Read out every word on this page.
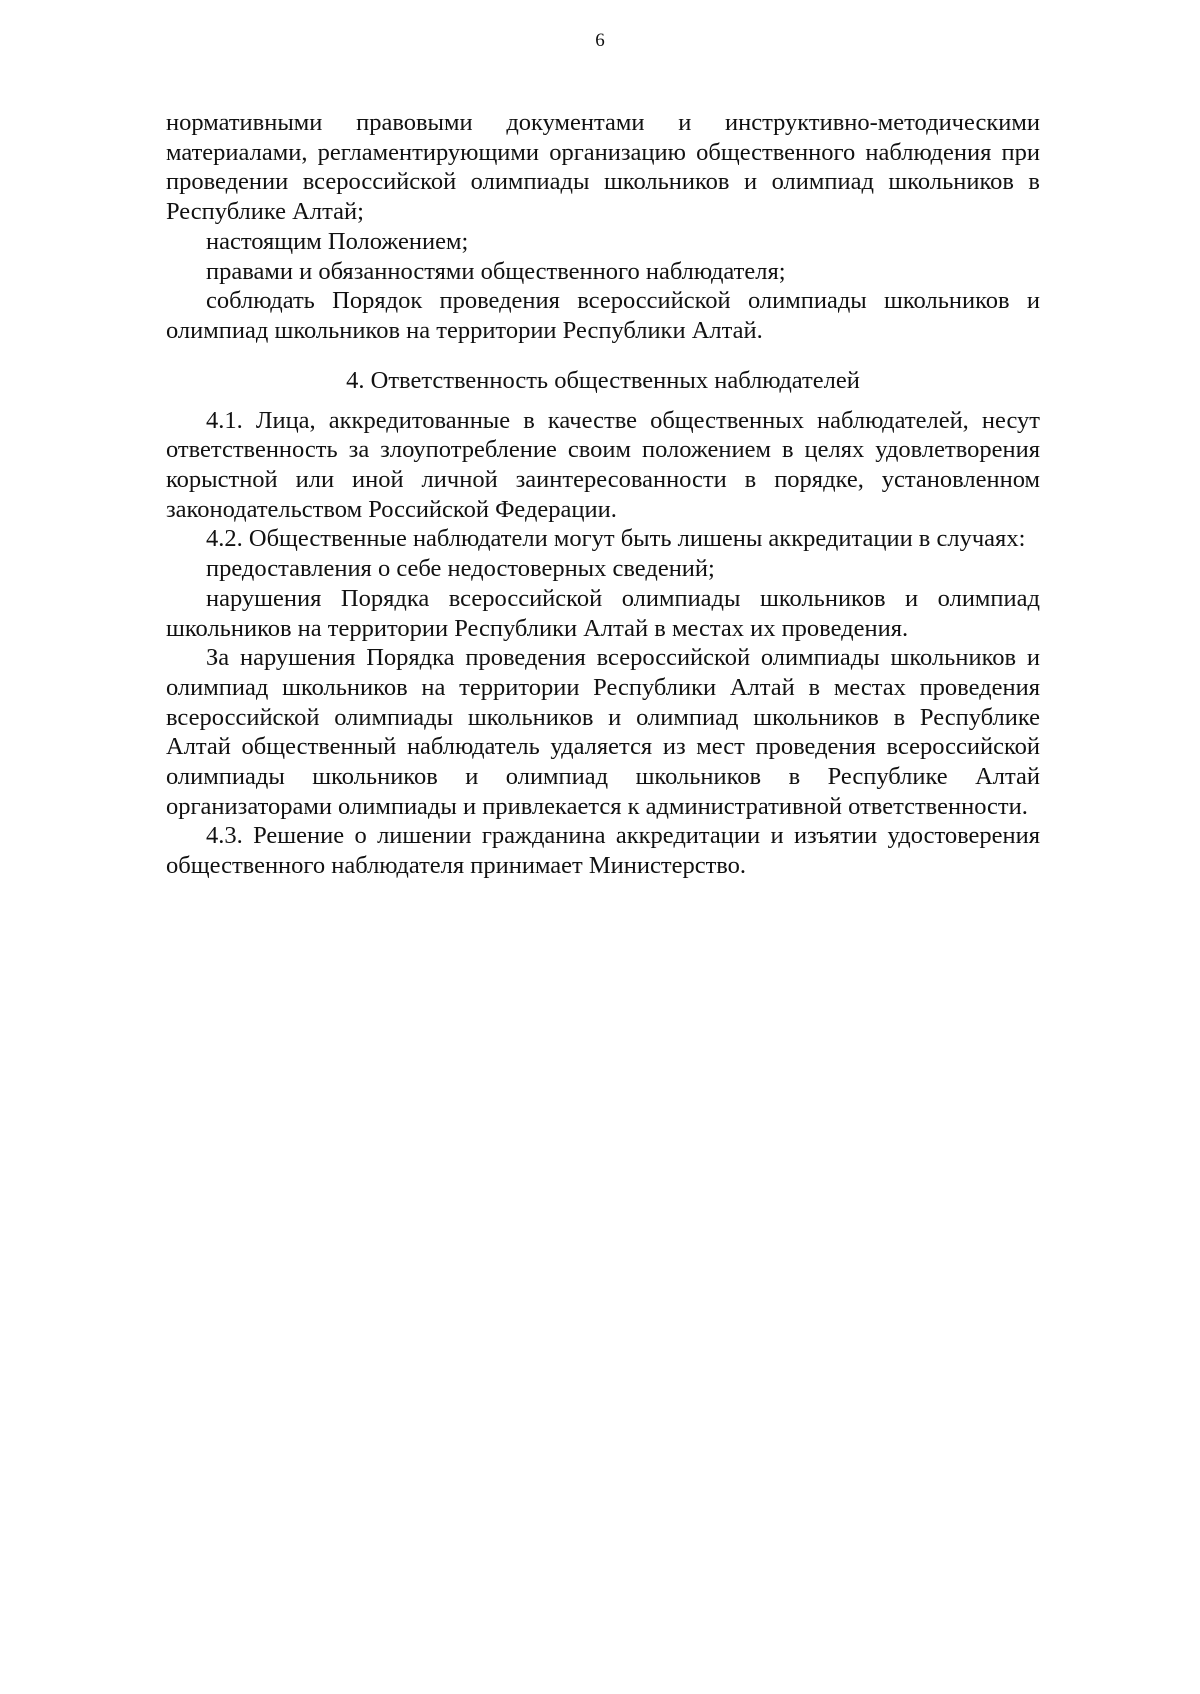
6

нормативными правовыми документами и инструктивно-методическими материалами, регламентирующими организацию общественного наблюдения при проведении всероссийской олимпиады школьников и олимпиад школьников в Республике Алтай;

настоящим Положением;

правами и обязанностями общественного наблюдателя;

соблюдать Порядок проведения всероссийской олимпиады школьников и олимпиад школьников на территории Республики Алтай.

4. Ответственность общественных наблюдателей

4.1. Лица, аккредитованные в качестве общественных наблюдателей, несут ответственность за злоупотребление своим положением в целях удовлетворения корыстной или иной личной заинтересованности в порядке, установленном законодательством Российской Федерации.

4.2. Общественные наблюдатели могут быть лишены аккредитации в случаях:

предоставления о себе недостоверных сведений;

нарушения Порядка всероссийской олимпиады школьников и олимпиад школьников на территории Республики Алтай в местах их проведения.

За нарушения Порядка проведения всероссийской олимпиады школьников и олимпиад школьников на территории Республики Алтай в местах проведения всероссийской олимпиады школьников и олимпиад школьников в Республике Алтай общественный наблюдатель удаляется из мест проведения всероссийской олимпиады школьников и олимпиад школьников в Республике Алтай организаторами олимпиады и привлекается к административной ответственности.

4.3. Решение о лишении гражданина аккредитации и изъятии удостоверения общественного наблюдателя принимает Министерство.
